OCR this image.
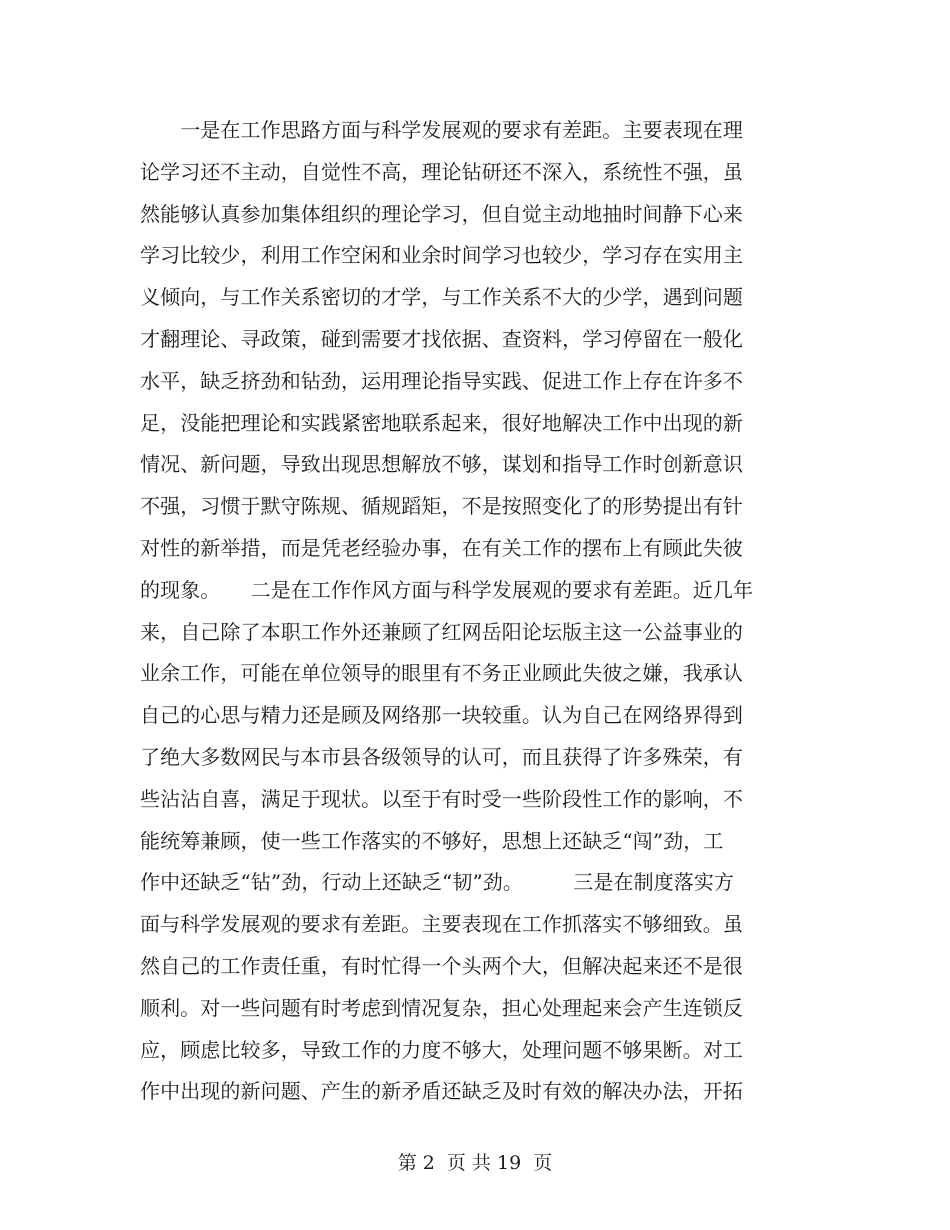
　　一是在工作思路方面与科学发展观的要求有差距。主要表现在理
论学习还不主动，自觉性不高，理论钻研还不深入，系统性不强，虽
然能够认真参加集体组织的理论学习，但自觉主动地抽时间静下心来
学习比较少，利用工作空闲和业余时间学习也较少，学习存在实用主
义倾向，与工作关系密切的才学，与工作关系不大的少学，遇到问题
才翻理论、寻政策，碰到需要才找依据、查资料，学习停留在一般化
水平，缺乏挤劲和钻劲，运用理论指导实践、促进工作上存在许多不
足，没能把理论和实践紧密地联系起来，很好地解决工作中出现的新
情况、新问题，导致出现思想解放不够，谋划和指导工作时创新意识
不强，习惯于默守陈规、循规蹈矩，不是按照变化了的形势提出有针
对性的新举措，而是凭老经验办事，在有关工作的摆布上有顾此失彼
的现象。　　二是在工作作风方面与科学发展观的要求有差距。近几年
来，自己除了本职工作外还兼顾了红网岳阳论坛版主这一公益事业的
业余工作，可能在单位领导的眼里有不务正业顾此失彼之嫌，我承认
自己的心思与精力还是顾及网络那一块较重。认为自己在网络界得到
了绝大多数网民与本市县各级领导的认可，而且获得了许多殊荣，有
些沾沾自喜，满足于现状。以至于有时受一些阶段性工作的影响，不
能统筹兼顾，使一些工作落实的不够好，思想上还缺乏“闯”劲，工
作中还缺乏“钻”劲，行动上还缺乏“韧”劲。　　　三是在制度落实方
面与科学发展观的要求有差距。主要表现在工作抓落实不够细致。虽
然自己的工作责任重，有时忙得一个头两个大，但解决起来还不是很
顺利。对一些问题有时考虑到情况复杂，担心处理起来会产生连锁反
应，顾虑比较多，导致工作的力度不够大，处理问题不够果断。对工
作中出现的新问题、产生的新矛盾还缺乏及时有效的解决办法，开拓
第 2  页 共 19  页
